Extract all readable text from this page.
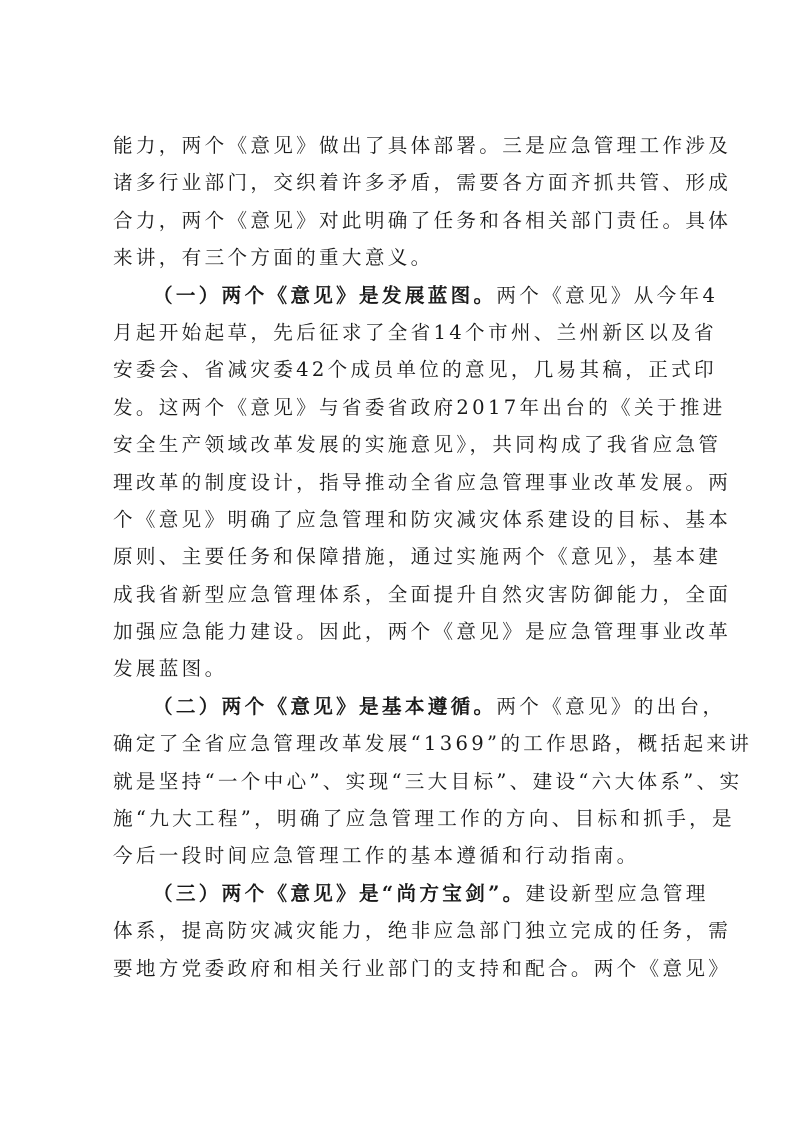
能力，两个《意见》做出了具体部署。三是应急管理工作涉及
诸多行业部门，交织着许多矛盾，需要各方面齐抓共管、形成
合力，两个《意见》对此明确了任务和各相关部门责任。具体
来讲，有三个方面的重大意义。
（一）两个《意见》是发展蓝图。两个《意见》从今年4
月起开始起草，先后征求了全省14个市州、兰州新区以及省
安委会、省减灾委42个成员单位的意见，几易其稿，正式印
发。这两个《意见》与省委省政府2017年出台的《关于推进
安全生产领域改革发展的实施意见》，共同构成了我省应急管
理改革的制度设计，指导推动全省应急管理事业改革发展。两
个《意见》明确了应急管理和防灾减灾体系建设的目标、基本
原则、主要任务和保障措施，通过实施两个《意见》，基本建
成我省新型应急管理体系，全面提升自然灾害防御能力，全面
加强应急能力建设。因此，两个《意见》是应急管理事业改革
发展蓝图。
（二）两个《意见》是基本遵循。两个《意见》的出台，
确定了全省应急管理改革发展“1369”的工作思路，概括起来讲
就是坚持“一个中心”、实现“三大目标”、建设“六大体系”、实
施“九大工程”，明确了应急管理工作的方向、目标和抓手，是
今后一段时间应急管理工作的基本遵循和行动指南。
（三）两个《意见》是“尚方宝剑”。建设新型应急管理
体系，提高防灾减灾能力，绝非应急部门独立完成的任务，需
要地方党委政府和相关行业部门的支持和配合。两个《意见》
